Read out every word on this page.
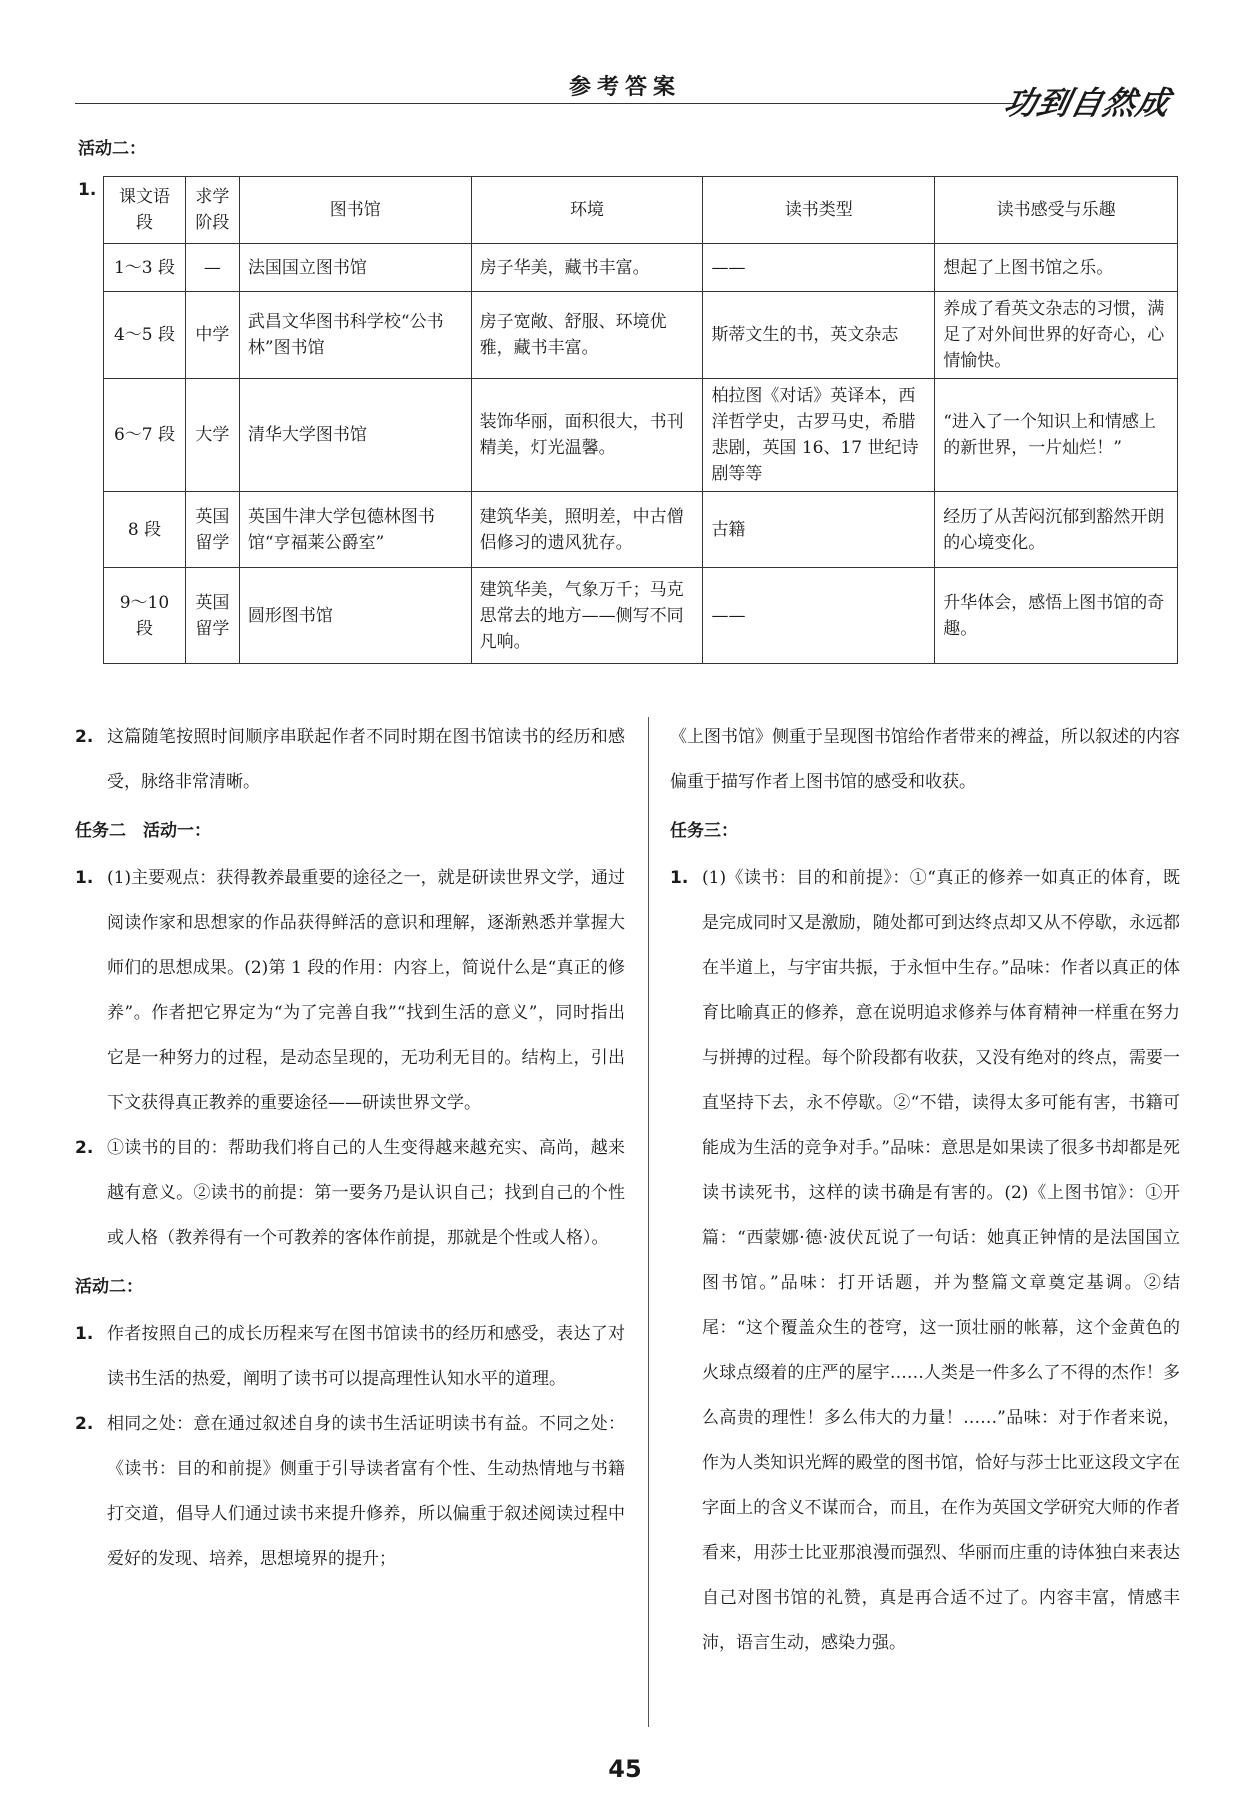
参考答案	功到自然成
活动二：
1. 课文语段	求学阶段	图书馆	环境	读书类型	读书感受与乐趣
1～3 段	—	法国国立图书馆	房子华美，藏书丰富。	——	想起了上图书馆之乐。
4～5 段	中学	武昌文华图书科学校“公书林”图书馆	房子宽敞、舒服、环境优雅，藏书丰富。	斯蒂文生的书，英文杂志	养成了看英文杂志的习惯，满足了对外间世界的好奇心，心情愉快。
6～7 段	大学	清华大学图书馆	装饰华丽，面积很大，书刊精美，灯光温馨。	柏拉图《对话》英译本，西洋哲学史，古罗马史，希腊悲剧，英国 16、17 世纪诗剧等等	“进入了一个知识上和情感上的新世界，一片灿烂！”
8 段	英国留学	英国牛津大学包德林图书馆“亨福莱公爵室”	建筑华美，照明差，中古僧侣修习的遗风犹存。	古籍	经历了从苦闷沉郁到豁然开朗的心境变化。
9～10 段	英国留学	圆形图书馆	建筑华美，气象万千；马克思常去的地方——侧写不同凡响。	——	升华体会，感悟上图书馆的奇趣。
2. 这篇随笔按照时间顺序串联起作者不同时期在图书馆读书的经历和感受，脉络非常清晰。
任务二　活动一：
1. (1)主要观点：获得教养最重要的途径之一，就是研读世界文学，通过阅读作家和思想家的作品获得鲜活的意识和理解，逐渐熟悉并掌握大师们的思想成果。(2)第 1 段的作用：内容上，简说什么是“真正的修养”。作者把它界定为“为了完善自我”“找到生活的意义”，同时指出它是一种努力的过程，是动态呈现的，无功利无目的。结构上，引出下文获得真正教养的重要途径——研读世界文学。
2. ①读书的目的：帮助我们将自己的人生变得越来越充实、高尚，越来越有意义。②读书的前提：第一要务乃是认识自己；找到自己的个性或人格（教养得有一个可教养的客体作前提，那就是个性或人格）。
活动二：
1. 作者按照自己的成长历程来写在图书馆读书的经历和感受，表达了对读书生活的热爱，阐明了读书可以提高理性认知水平的道理。
2. 相同之处：意在通过叙述自身的读书生活证明读书有益。不同之处：《读书：目的和前提》侧重于引导读者富有个性、生动热情地与书籍打交道，倡导人们通过读书来提升修养，所以偏重于叙述阅读过程中爱好的发现、培养，思想境界的提升；
《上图书馆》侧重于呈现图书馆给作者带来的裨益，所以叙述的内容偏重于描写作者上图书馆的感受和收获。
任务三：
1. (1)《读书：目的和前提》：①“真正的修养一如真正的体育，既是完成同时又是激励，随处都可到达终点却又从不停歇，永远都在半道上，与宇宙共振，于永恒中生存。”品味：作者以真正的体育比喻真正的修养，意在说明追求修养与体育精神一样重在努力与拼搏的过程。每个阶段都有收获，又没有绝对的终点，需要一直坚持下去，永不停歇。②“不错，读得太多可能有害，书籍可能成为生活的竞争对手。”品味：意思是如果读了很多书却都是死读书读死书，这样的读书确是有害的。(2)《上图书馆》：①开篇：“西蒙娜·德·波伏瓦说了一句话：她真正钟情的是法国国立图书馆。”品味：打开话题，并为整篇文章奠定基调。②结尾：“这个覆盖众生的苍穹，这一顶壮丽的帐幕，这个金黄色的火球点缀着的庄严的屋宇……人类是一件多么了不得的杰作！多么高贵的理性！多么伟大的力量！……”品味：对于作者来说，作为人类知识光辉的殿堂的图书馆，恰好与莎士比亚这段文字在字面上的含义不谋而合，而且，在作为英国文学研究大师的作者看来，用莎士比亚那浪漫而强烈、华丽而庄重的诗体独白来表达自己对图书馆的礼赞，真是再合适不过了。内容丰富，情感丰沛，语言生动，感染力强。
45
